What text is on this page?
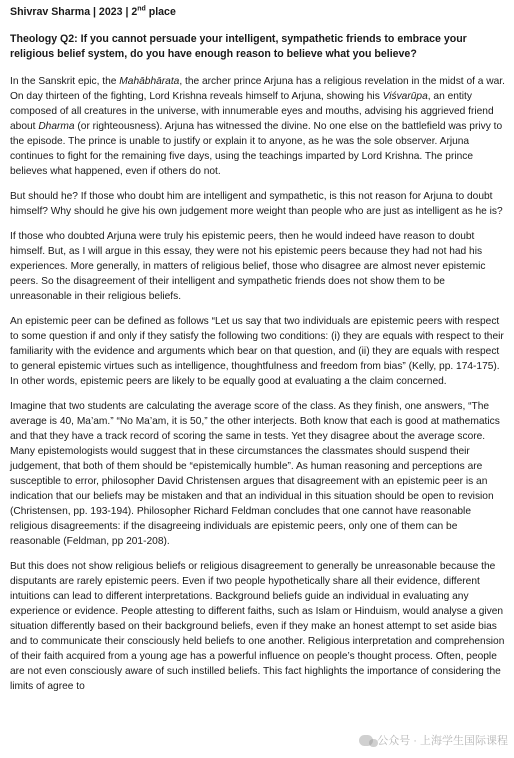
Shivrav Sharma | 2023 | 2nd place
Theology Q2: If you cannot persuade your intelligent, sympathetic friends to embrace your religious belief system, do you have enough reason to believe what you believe?

In the Sanskrit epic, the Mahābhārata, the archer prince Arjuna has a religious revelation in the midst of a war. On day thirteen of the fighting, Lord Krishna reveals himself to Arjuna, showing his Viśvarūpa, an entity composed of all creatures in the universe, with innumerable eyes and mouths, advising his aggrieved friend about Dharma (or righteousness). Arjuna has witnessed the divine. No one else on the battlefield was privy to the episode. The prince is unable to justify or explain it to anyone, as he was the sole observer. Arjuna continues to fight for the remaining five days, using the teachings imparted by Lord Krishna. The prince believes what happened, even if others do not.

But should he? If those who doubt him are intelligent and sympathetic, is this not reason for Arjuna to doubt himself? Why should he give his own judgement more weight than people who are just as intelligent as he is?

If those who doubted Arjuna were truly his epistemic peers, then he would indeed have reason to doubt himself. But, as I will argue in this essay, they were not his epistemic peers because they had not had his experiences. More generally, in matters of religious belief, those who disagree are almost never epistemic peers. So the disagreement of their intelligent and sympathetic friends does not show them to be unreasonable in their religious beliefs.

An epistemic peer can be defined as follows “Let us say that two individuals are epistemic peers with respect to some question if and only if they satisfy the following two conditions: (i) they are equals with respect to their familiarity with the evidence and arguments which bear on that question, and (ii) they are equals with respect to general epistemic virtues such as intelligence, thoughtfulness and freedom from bias” (Kelly, pp. 174-175). In other words, epistemic peers are likely to be equally good at evaluating a the claim concerned.

Imagine that two students are calculating the average score of the class. As they finish, one answers, “The average is 40, Ma’am.” “No Ma’am, it is 50,” the other interjects. Both know that each is good at mathematics and that they have a track record of scoring the same in tests. Yet they disagree about the average score. Many epistemologists would suggest that in these circumstances the classmates should suspend their judgement, that both of them should be “epistemically humble”. As human reasoning and perceptions are susceptible to error, philosopher David Christensen argues that disagreement with an epistemic peer is an indication that our beliefs may be mistaken and that an individual in this situation should be open to revision (Christensen, pp. 193-194). Philosopher Richard Feldman concludes that one cannot have reasonable religious disagreements: if the disagreeing individuals are epistemic peers, only one of them can be reasonable (Feldman, pp 201-208).

But this does not show religious beliefs or religious disagreement to generally be unreasonable because the disputants are rarely epistemic peers. Even if two people hypothetically share all their evidence, different intuitions can lead to different interpretations. Background beliefs guide an individual in evaluating any experience or evidence. People attesting to different faiths, such as Islam or Hinduism, would analyse a given situation differently based on their background beliefs, even if they make an honest attempt to set aside bias and to communicate their consciously held beliefs to one another. Religious interpretation and comprehension of their faith acquired from a young age has a powerful influence on people’s thought process. Often, people are not even consciously aware of such instilled beliefs. This fact highlights the importance of considering the limits of agree to

公众号 · 上海学生国际课程
